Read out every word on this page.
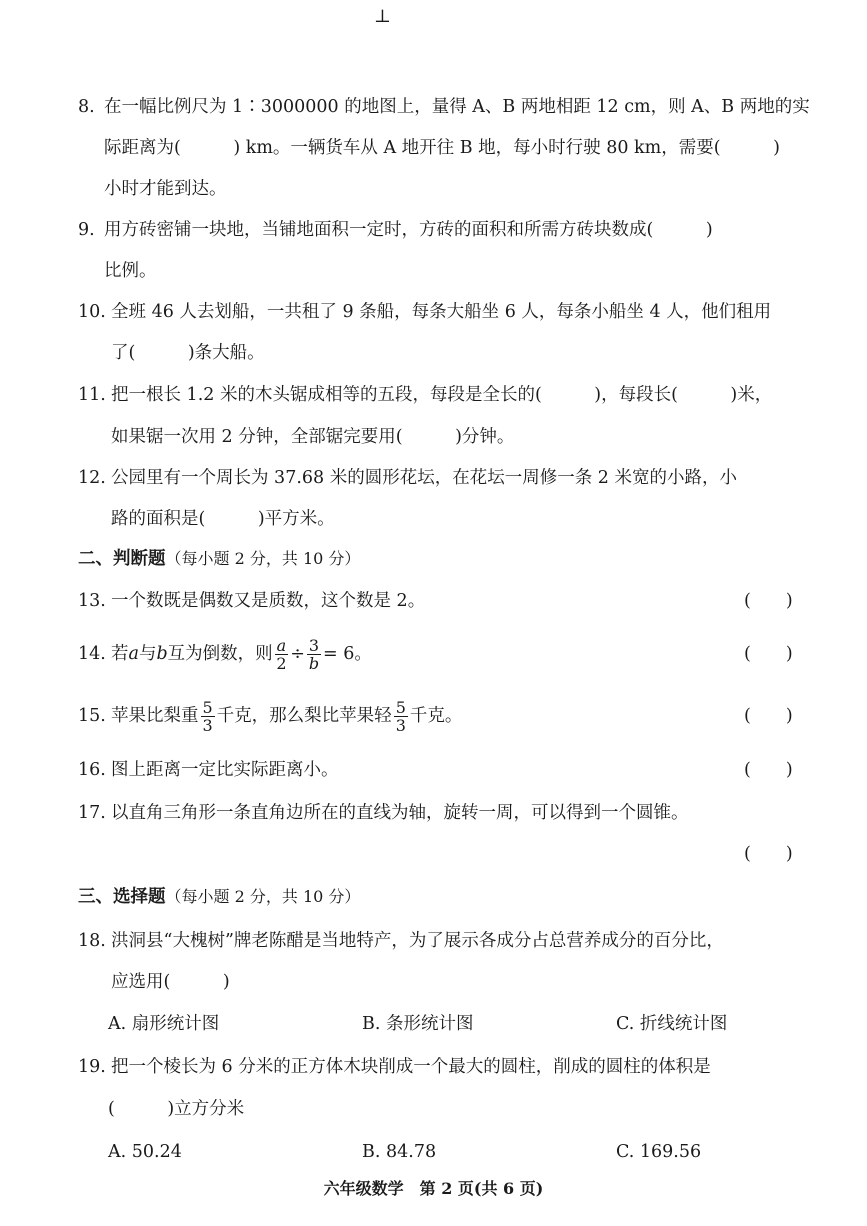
⊥
8. 在一幅比例尺为 1∶3000000 的地图上，量得 A、B 两地相距 12 cm，则 A、B 两地的实
际距离为(　　　) km。一辆货车从 A 地开往 B 地，每小时行驶 80 km，需要(　　　)
小时才能到达。
9. 用方砖密铺一块地，当铺地面积一定时，方砖的面积和所需方砖块数成(　　　)
比例。
10. 全班 46 人去划船，一共租了 9 条船，每条大船坐 6 人，每条小船坐 4 人，他们租用
了(　　　)条大船。
11. 把一根长 1.2 米的木头锯成相等的五段，每段是全长的(　　　)，每段长(　　　)米，
如果锯一次用 2 分钟，全部锯完要用(　　　)分钟。
12. 公园里有一个周长为 37.68 米的圆形花坛，在花坛一周修一条 2 米宽的小路，小
路的面积是(　　　)平方米。
二、判断题（每小题 2 分，共 10 分）
13. 一个数既是偶数又是质数，这个数是 2。	(　　)
14. 若a与b互为倒数，则 $\frac{a}{2} \div \frac{3}{b} = 6$。	(　　)
15. 苹果比梨重 $\frac{5}{3}$ 千克，那么梨比苹果轻 $\frac{5}{3}$ 千克。	(　　)
16. 图上距离一定比实际距离小。	(　　)
17. 以直角三角形一条直角边所在的直线为轴，旋转一周，可以得到一个圆锥。
(　　)
三、选择题（每小题 2 分，共 10 分）
18. 洪洞县“大槐树”牌老陈醋是当地特产，为了展示各成分占总营养成分的百分比，
应选用(　　　)
A. 扇形统计图	B. 条形统计图	C. 折线统计图
19. 把一个棱长为 6 分米的正方体木块削成一个最大的圆柱，削成的圆柱的体积是
(　　　)立方分米
A. 50.24	B. 84.78	C. 169.56
六年级数学　第 2 页(共 6 页)
